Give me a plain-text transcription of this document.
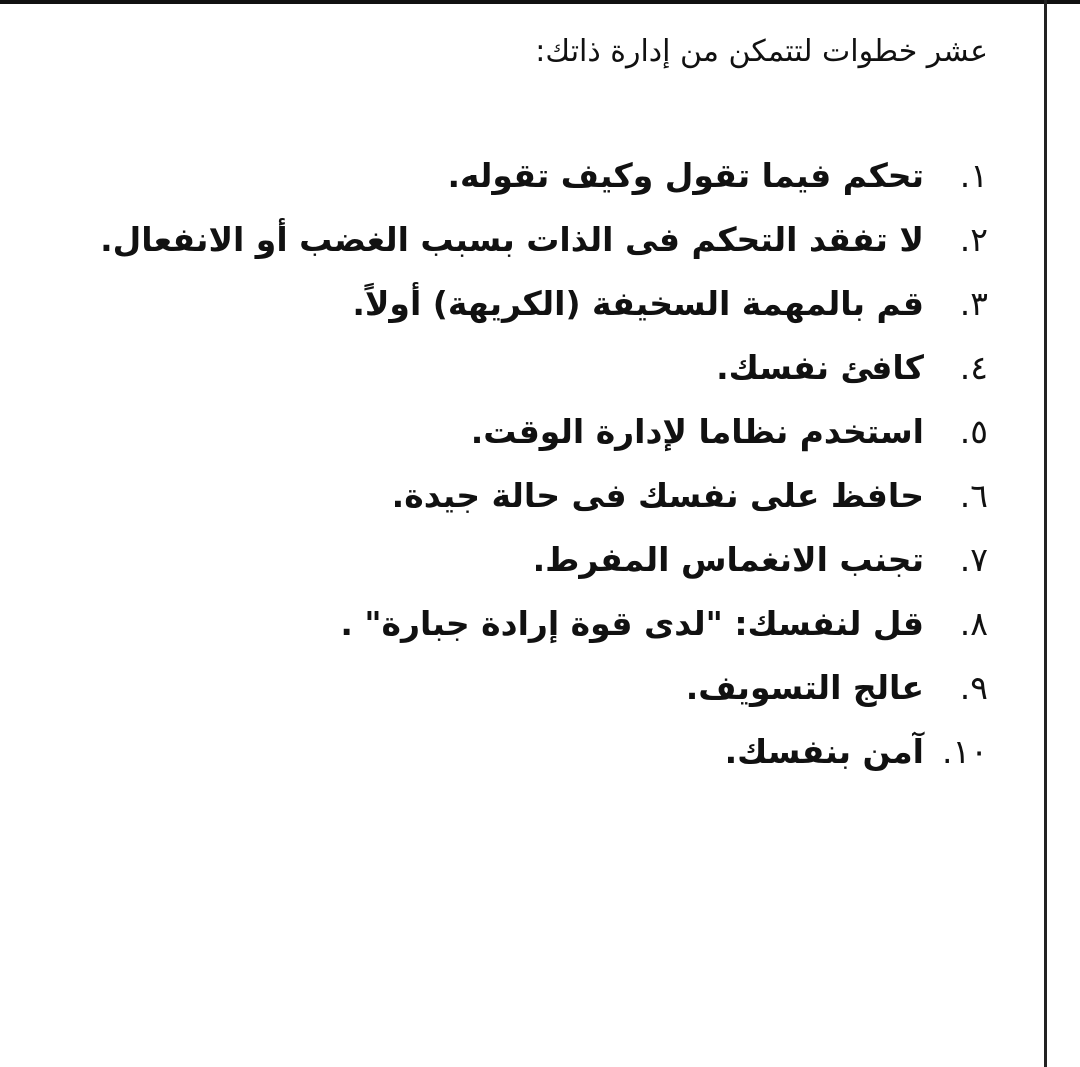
عشر خطوات لتتمكن من إدارة ذاتك:
١.
تحكم فيما تقول وكيف تقوله.
٢.
لا تفقد التحكم فى الذات بسبب الغضب أو الانفعال.
٣.
قم بالمهمة السخيفة (الكريهة) أولاً.
٤.
كافئ نفسك.
٥.
استخدم نظاما لإدارة الوقت.
٦.
حافظ على نفسك فى حالة جيدة.
٧.
تجنب الانغماس المفرط.
٨.
قل لنفسك: "لدى قوة إرادة جبارة" .
٩.
عالج التسويف.
١٠.
آمن بنفسك.
